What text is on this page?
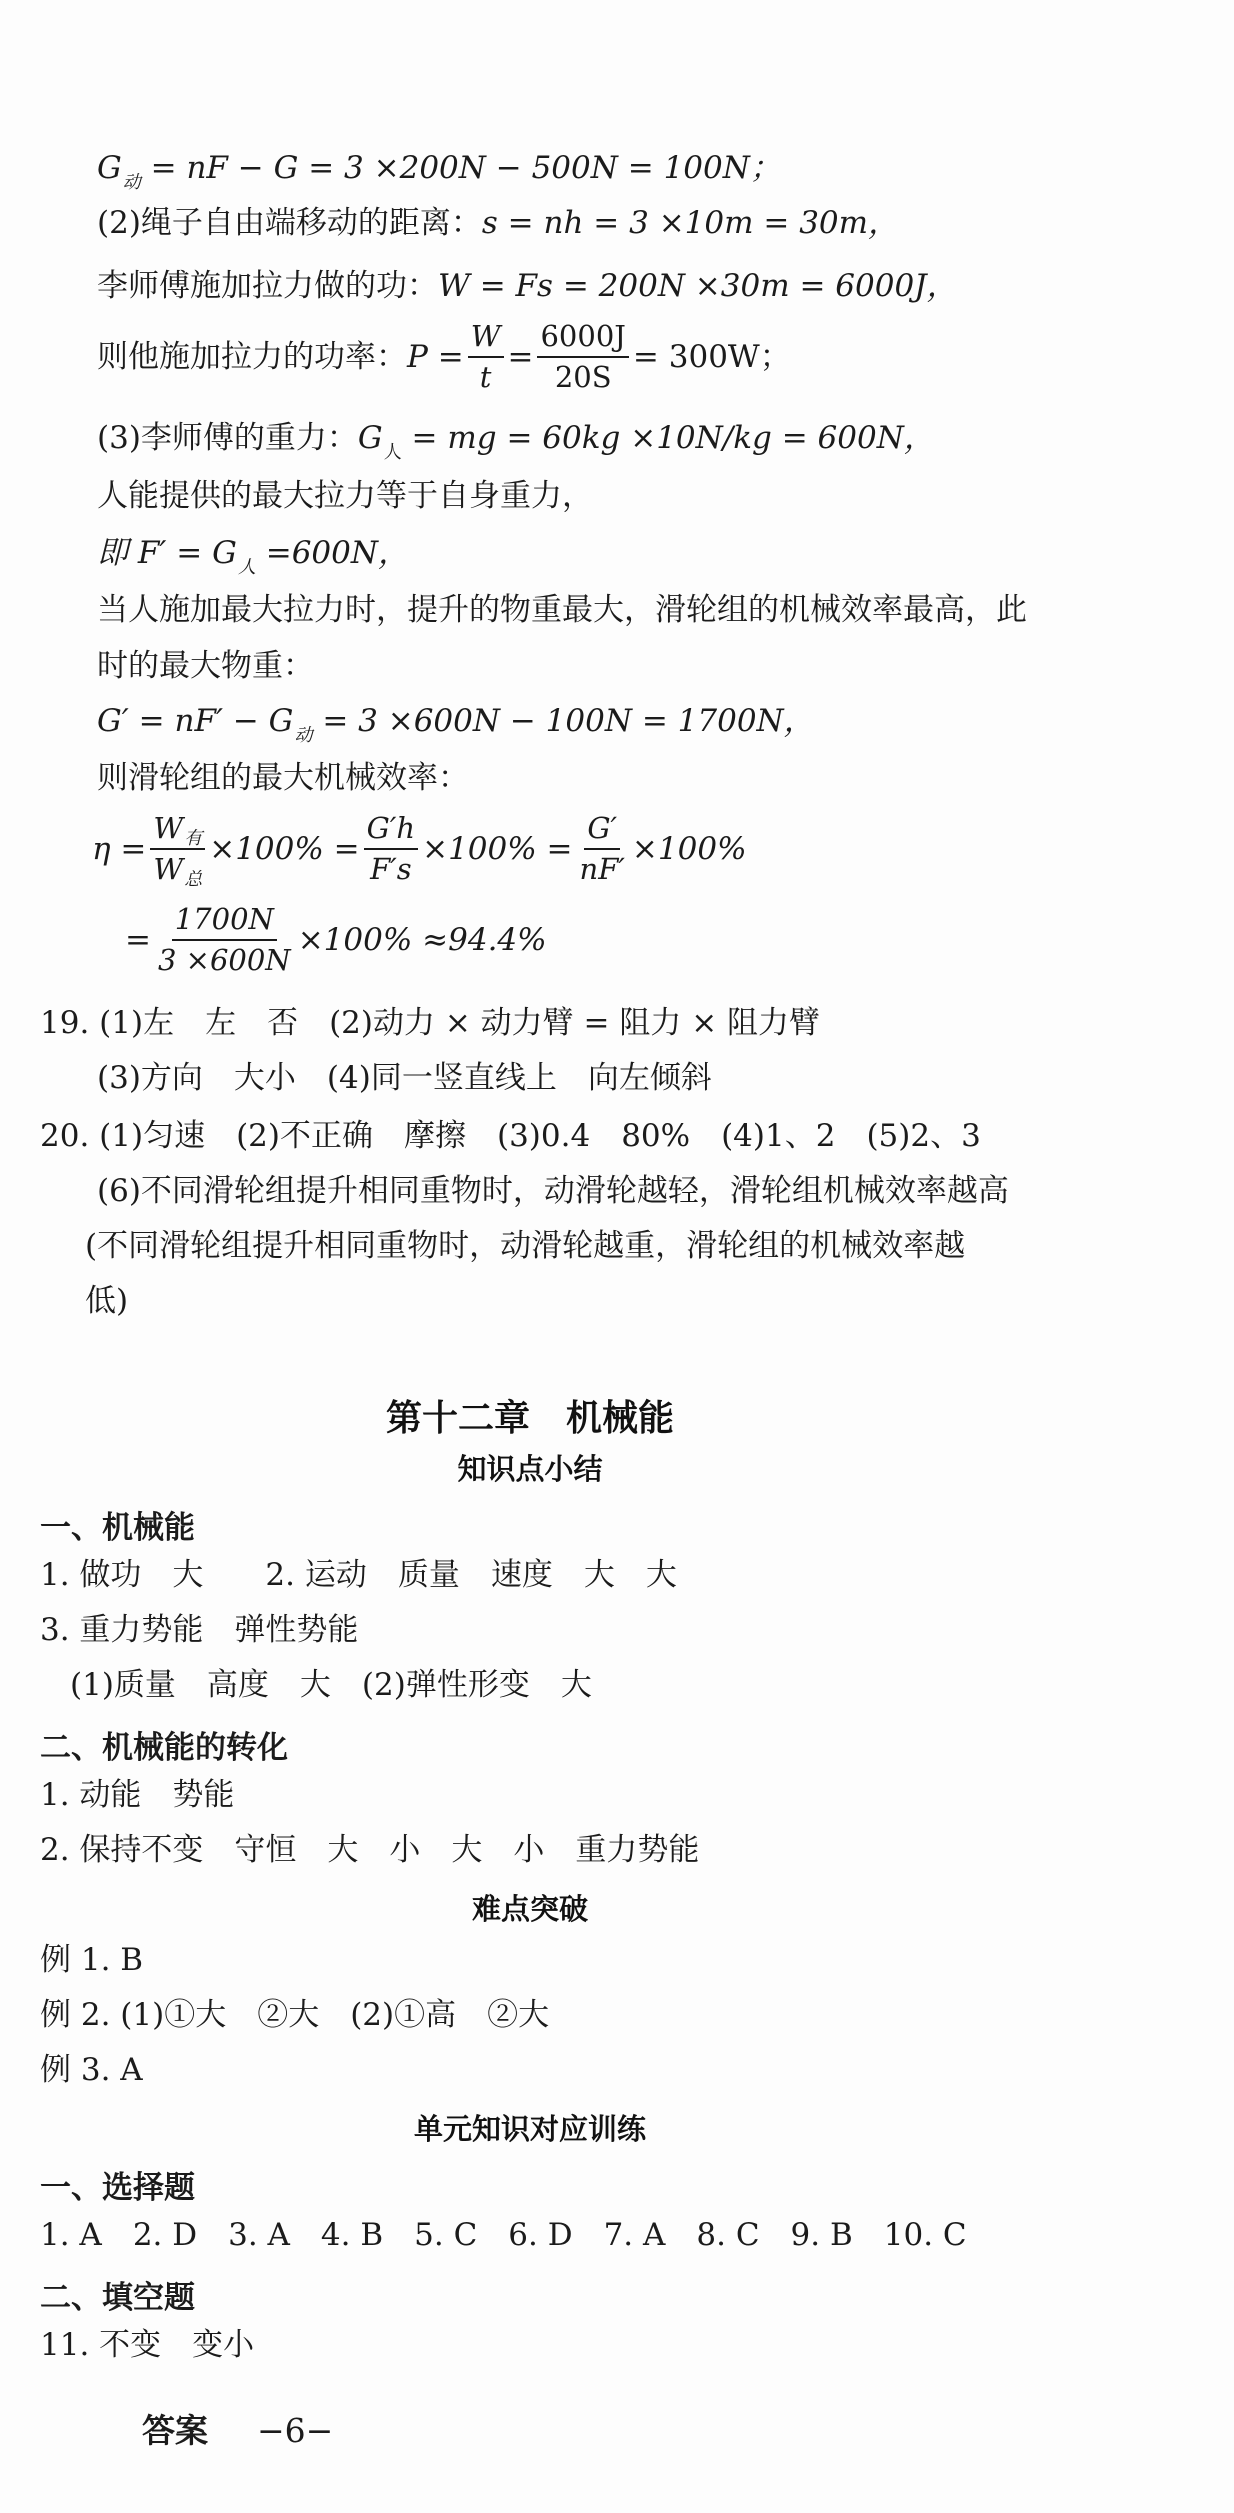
$G_动$ = nF − G = 3 ×200N − 500N = 100N；
(2)绳子自由端移动的距离：s = nh = 3 ×10m = 30m，
李师傅施加拉力做的功：W = Fs = 200N ×30m = 6000J，
则他施加拉力的功率： $P = \frac{W}{t} = \frac{6000J}{20S} = 300W$；
(3)李师傅的重力：$G_人$ = mg = 60kg ×10N/kg = 600N，
人能提供的最大拉力等于自身重力，
即 $F' = G_人 =600N$，
当人施加最大拉力时，提升的物重最大，滑轮组的机械效率最高，此
时的最大物重：
$G' = nF' - G_动 = 3 \times 600N - 100N = 1700N$，
则滑轮组的最大机械效率：
$\eta = \frac{W_有}{W_总} \times 100\% = \frac{G'h}{F's} \times 100\% = \frac{G'}{nF'} \times 100\%$
= $\frac{1700N}{3 \times 600N} \times 100\% \approx 94.4\%$
19. (1)左　左　否　(2)动力 × 动力臂 = 阻力 × 阻力臂
(3)方向　大小　(4)同一竖直线上　向左倾斜
20. (1)匀速　(2)不正确　摩擦　(3)0.4　80%　(4)1、2　(5)2、3
(6)不同滑轮组提升相同重物时，动滑轮越轻，滑轮组机械效率越高
(不同滑轮组提升相同重物时，动滑轮越重，滑轮组的机械效率越
低)
第十二章　机械能
知识点小结
一、机械能
1. 做功　大　　2. 运动　质量　速度　大　大
3. 重力势能　弹性势能
(1)质量　高度　大　(2)弹性形变　大
二、机械能的转化
1. 动能　势能
2. 保持不变　守恒　大　小　大　小　重力势能
难点突破
例 1. B
例 2. (1)①大　②大　(2)①高　②大
例 3. A
单元知识对应训练
一、选择题
1. A　2. D　3. A　4. B　5. C　6. D　7. A　8. C　9. B　10. C
二、填空题
11. 不变　变小
答案 −6−
